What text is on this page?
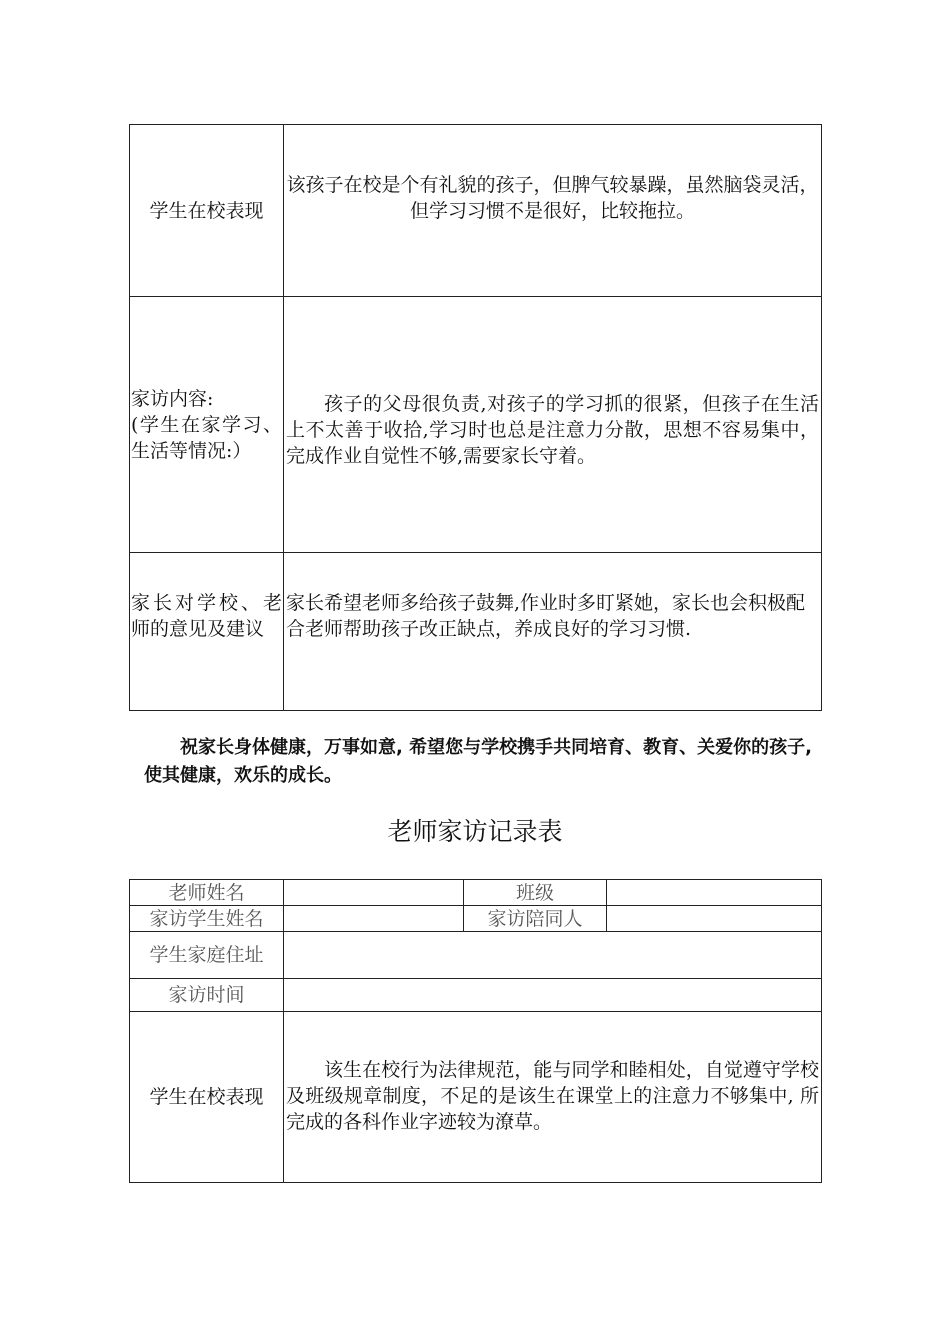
学生在校表现	该孩子在校是个有礼貌的孩子，但脾气较暴躁，虽然脑袋灵活，但学习习惯不是很好，比较拖拉。

家访内容:
(学生在家学习、生活等情况:）	孩子的父母很负责,对孩子的学习抓的很紧，但孩子在生活上不太善于收拾,学习时也总是注意力分散，思想不容易集中，完成作业自觉性不够,需要家长守着。

家长对学校、老师的意见及建议	家长希望老师多给孩子鼓舞,作业时多盯紧她，家长也会积极配合老师帮助孩子改正缺点，养成良好的学习习惯.
祝家长身体健康，万事如意, 希望您与学校携手共同培育、教育、关爱你的孩子, 使其健康，欢乐的成长。
老师家访记录表
老师姓名		班级	
家访学生姓名		家访陪同人	
学生家庭住址			
家访时间			
学生在校表现	该生在校行为法律规范，能与同学和睦相处，自觉遵守学校及班级规章制度，不足的是该生在课堂上的注意力不够集中, 所完成的各科作业字迹较为潦草。		
